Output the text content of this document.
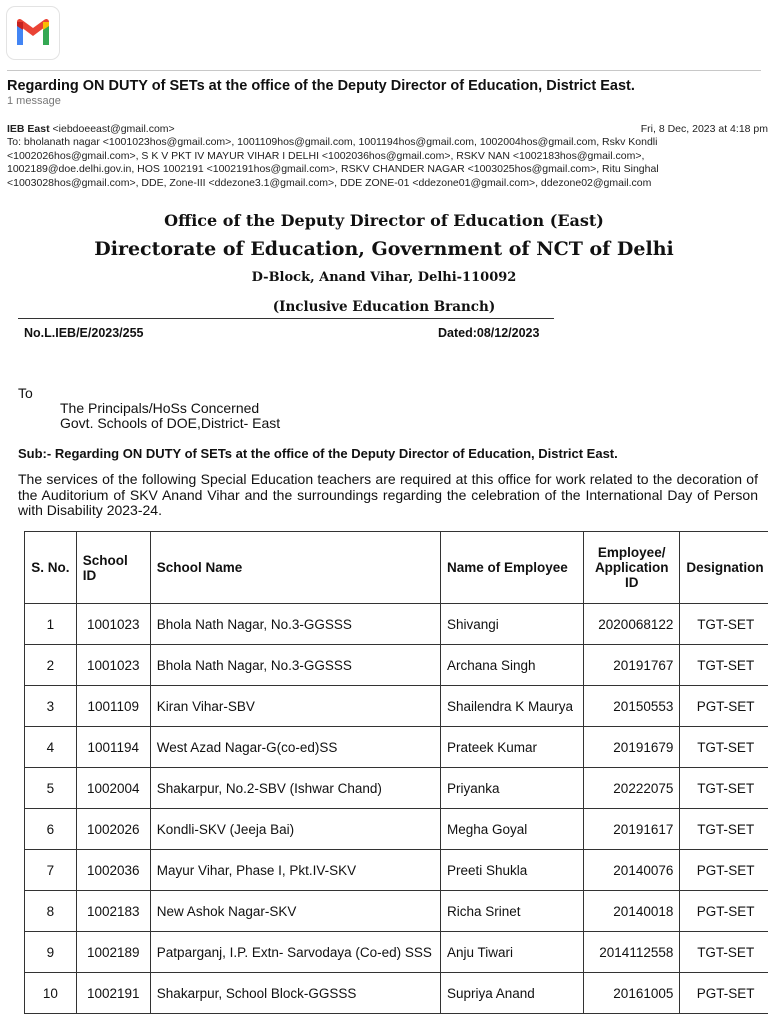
Regarding ON DUTY of SETs at the office of the Deputy Director of Education, District East.
1 message
IEB East <iebdoeeast@gmail.com>	Fri, 8 Dec, 2023 at 4:18 pm
To: bholanath nagar <1001023hos@gmail.com>, 1001109hos@gmail.com, 1001194hos@gmail.com, 1002004hos@gmail.com, Rskv Kondli <1002026hos@gmail.com>, S K V PKT IV MAYUR VIHAR I DELHI <1002036hos@gmail.com>, RSKV NAN <1002183hos@gmail.com>, 1002189@doe.delhi.gov.in, HOS 1002191 <1002191hos@gmail.com>, RSKV CHANDER NAGAR <1003025hos@gmail.com>, Ritu Singhal <1003028hos@gmail.com>, DDE, Zone-III <ddezone3.1@gmail.com>, DDE ZONE-01 <ddezone01@gmail.com>, ddezone02@gmail.com
Office of the Deputy Director of Education (East)
Directorate of Education, Government of NCT of Delhi
D-Block, Anand Vihar, Delhi-110092
(Inclusive Education Branch)
No.L.IEB/E/2023/255	Dated:08/12/2023
To
The Principals/HoSs Concerned
Govt. Schools of DOE,District- East
Sub:- Regarding ON DUTY of SETs at the office of the Deputy Director of Education, District East.
The services of the following Special Education teachers are required at this office for work related to the decoration of the Auditorium of SKV Anand Vihar and the surroundings regarding the celebration of the International Day of Person with Disability 2023-24.
S. No.	School ID	School Name	Name of Employee	Employee/ Application ID	Designation
1	1001023	Bhola Nath Nagar, No.3-GGSSS	Shivangi	2020068122	TGT-SET
2	1001023	Bhola Nath Nagar, No.3-GGSSS	Archana Singh	20191767	TGT-SET
3	1001109	Kiran Vihar-SBV	Shailendra K Maurya	20150553	PGT-SET
4	1001194	West Azad Nagar-G(co-ed)SS	Prateek Kumar	20191679	TGT-SET
5	1002004	Shakarpur, No.2-SBV (Ishwar Chand)	Priyanka	20222075	TGT-SET
6	1002026	Kondli-SKV (Jeeja Bai)	Megha Goyal	20191617	TGT-SET
7	1002036	Mayur Vihar, Phase I, Pkt.IV-SKV	Preeti Shukla	20140076	PGT-SET
8	1002183	New Ashok Nagar-SKV	Richa Srinet	20140018	PGT-SET
9	1002189	Patparganj, I.P. Extn- Sarvodaya (Co-ed) SSS	Anju Tiwari	2014112558	TGT-SET
10	1002191	Shakarpur, School Block-GGSSS	Supriya Anand	20161005	PGT-SET
